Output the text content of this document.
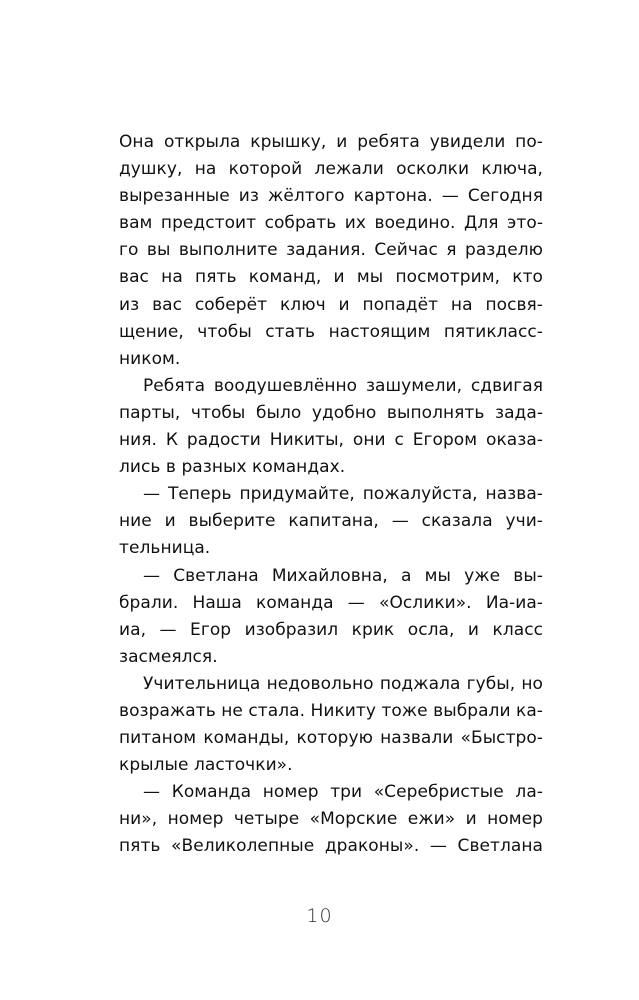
Она открыла крышку, и ребята увидели по-
душку, на которой лежали осколки ключа,
вырезанные из жёлтого картона. — Сегодня
вам предстоит собрать их воедино. Для это-
го вы выполните задания. Сейчас я разделю
вас на пять команд, и мы посмотрим, кто
из вас соберёт ключ и попадёт на посвя-
щение, чтобы стать настоящим пятикласс-
ником.
Ребята воодушевлённо зашумели, сдвигая
парты, чтобы было удобно выполнять зада-
ния. К радости Никиты, они с Егором оказа-
лись в разных командах.
— Теперь придумайте, пожалуйста, назва-
ние и выберите капитана, — сказала учи-
тельница.
— Светлана Михайловна, а мы уже вы-
брали. Наша команда — «Ослики». Иа-иа-
иа, — Егор изобразил крик осла, и класс
засмеялся.
Учительница недовольно поджала губы, но
возражать не стала. Никиту тоже выбрали ка-
питаном команды, которую назвали «Быстро-
крылые ласточки».
— Команда номер три «Серебристые ла-
ни», номер четыре «Морские ежи» и номер
пять «Великолепные драконы». — Светлана
10
